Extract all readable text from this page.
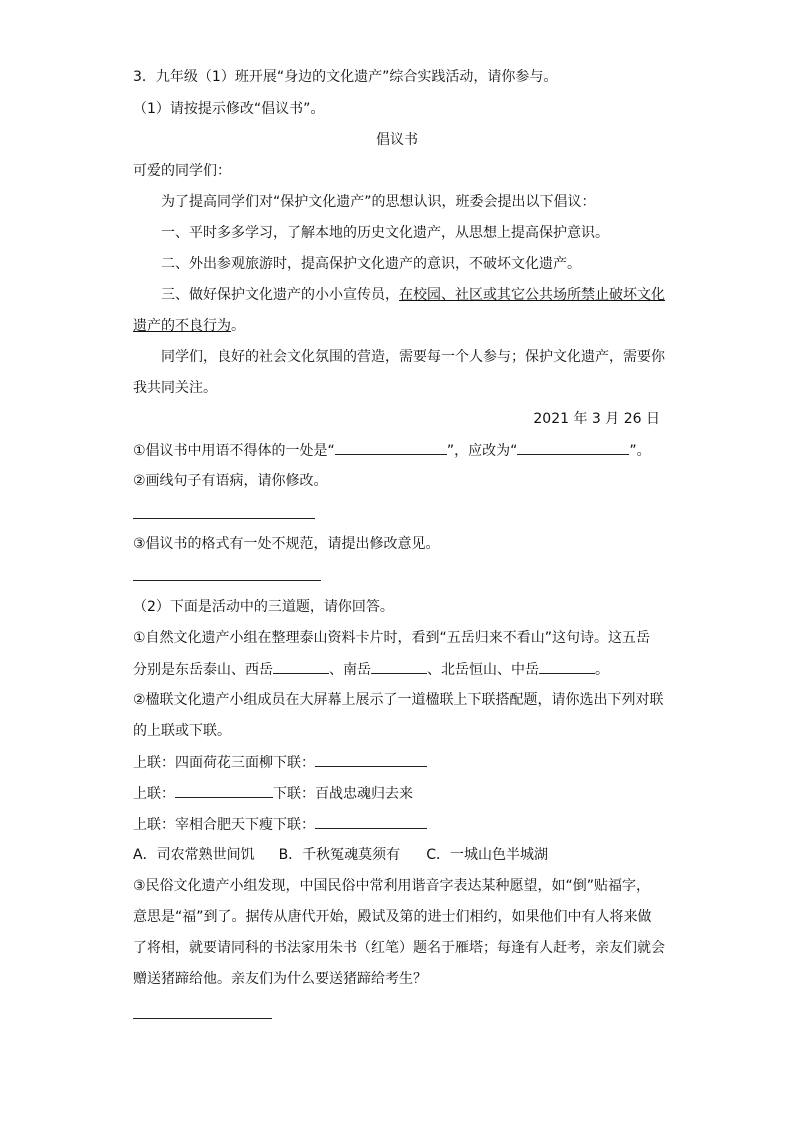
3．九年级（1）班开展“身边的文化遗产”综合实践活动，请你参与。
（1）请按提示修改“倡议书”。
倡议书
可爱的同学们：
为了提高同学们对“保护文化遗产”的思想认识，班委会提出以下倡议：
一、平时多多学习，了解本地的历史文化遗产，从思想上提高保护意识。
二、外出参观旅游时，提高保护文化遗产的意识，不破坏文化遗产。
三、做好保护文化遗产的小小宣传员，在校园、社区或其它公共场所禁止破坏文化
遗产的不良行为。
同学们，良好的社会文化氛围的营造，需要每一个人参与；保护文化遗产，需要你
我共同关注。
2021 年 3 月 26 日
①倡议书中用语不得体的一处是“	”，应改为“	”。
②画线句子有语病，请你修改。
③倡议书的格式有一处不规范，请提出修改意见。
（2）下面是活动中的三道题，请你回答。
①自然文化遗产小组在整理泰山资料卡片时，看到“五岳归来不看山”这句诗。这五岳
分别是东岳泰山、西岳	、南岳	、北岳恒山、中岳	。
②楹联文化遗产小组成员在大屏幕上展示了一道楹联上下联搭配题，请你选出下列对联
的上联或下联。
上联：四面荷花三面柳下联：
上联：	下联：百战忠魂归去来
上联：宰相合肥天下瘦下联：
A．司农常熟世间饥 B．千秋冤魂莫须有 C．一城山色半城湖
③民俗文化遗产小组发现，中国民俗中常利用谐音字表达某种愿望，如“倒”贴福字，
意思是“福”到了。据传从唐代开始，殿试及第的进士们相约，如果他们中有人将来做
了将相，就要请同科的书法家用朱书（红笔）题名于雁塔；每逢有人赶考，亲友们就会
赠送猪蹄给他。亲友们为什么要送猪蹄给考生？
